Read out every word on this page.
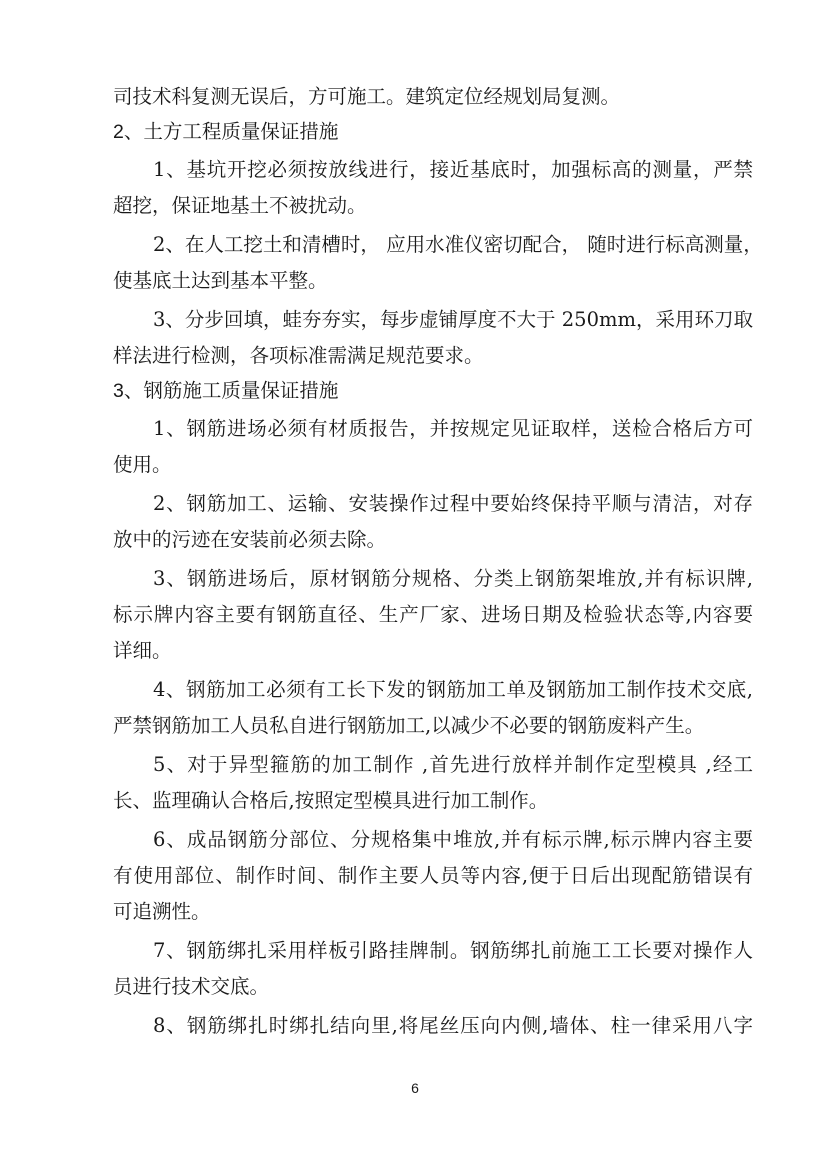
司技术科复测无误后，方可施工。建筑定位经规划局复测。
2、土方工程质量保证措施
1、基坑开挖必须按放线进行，接近基底时，加强标高的测量，严禁
超挖，保证地基土不被扰动。
2、在人工挖土和清槽时， 应用水准仪密切配合， 随时进行标高测量，
使基底土达到基本平整。
3、分步回填，蛙夯夯实，每步虚铺厚度不大于 250mm，采用环刀取
样法进行检测，各项标准需满足规范要求。
3、钢筋施工质量保证措施
1、钢筋进场必须有材质报告，并按规定见证取样，送检合格后方可
使用。
2、钢筋加工、运输、安装操作过程中要始终保持平顺与清洁，对存
放中的污迹在安装前必须去除。
3、钢筋进场后，原材钢筋分规格、分类上钢筋架堆放,并有标识牌,
标示牌内容主要有钢筋直径、生产厂家、进场日期及检验状态等,内容要
详细。
4、钢筋加工必须有工长下发的钢筋加工单及钢筋加工制作技术交底,
严禁钢筋加工人员私自进行钢筋加工,以减少不必要的钢筋废料产生。
5、对于异型箍筋的加工制作 ,首先进行放样并制作定型模具 ,经工
长、监理确认合格后,按照定型模具进行加工制作。
6、成品钢筋分部位、分规格集中堆放,并有标示牌,标示牌内容主要
有使用部位、制作时间、制作主要人员等内容,便于日后出现配筋错误有
可追溯性。
7、钢筋绑扎采用样板引路挂牌制。钢筋绑扎前施工工长要对操作人
员进行技术交底。
8、钢筋绑扎时绑扎结向里,将尾丝压向内侧,墙体、柱一律采用八字
6
